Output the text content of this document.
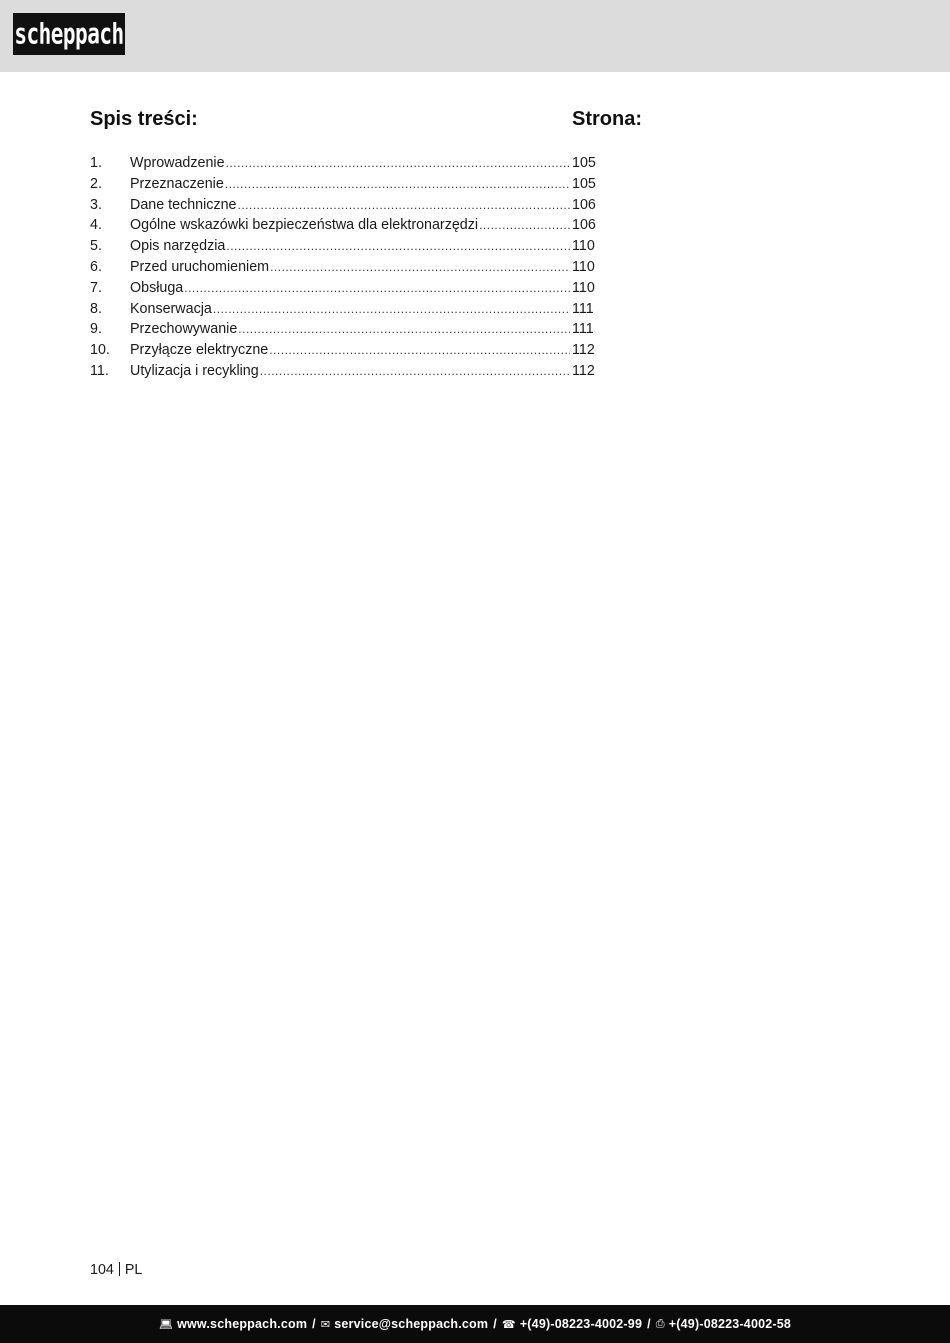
scheppach
Spis treści:	Strona:
1.	Wprowadzenie .....	105
2.	Przeznaczenie .....	105
3.	Dane techniczne .....	106
4.	Ogólne wskazówki bezpieczeństwa dla elektronarzędzi .....	106
5.	Opis narzędzia .....	110
6.	Przed uruchomieniem .....	110
7.	Obsługa .....	110
8.	Konserwacja .....	111
9.	Przechowywanie .....	111
10.	Przyłącze elektryczne .....	112
11.	Utylizacja i recykling .....	112
104 PL
💻︎ www.scheppach.com / ✉ service@scheppach.com / ☎ +(49)-08223-4002-99 / ⎙ +(49)-08223-4002-58
